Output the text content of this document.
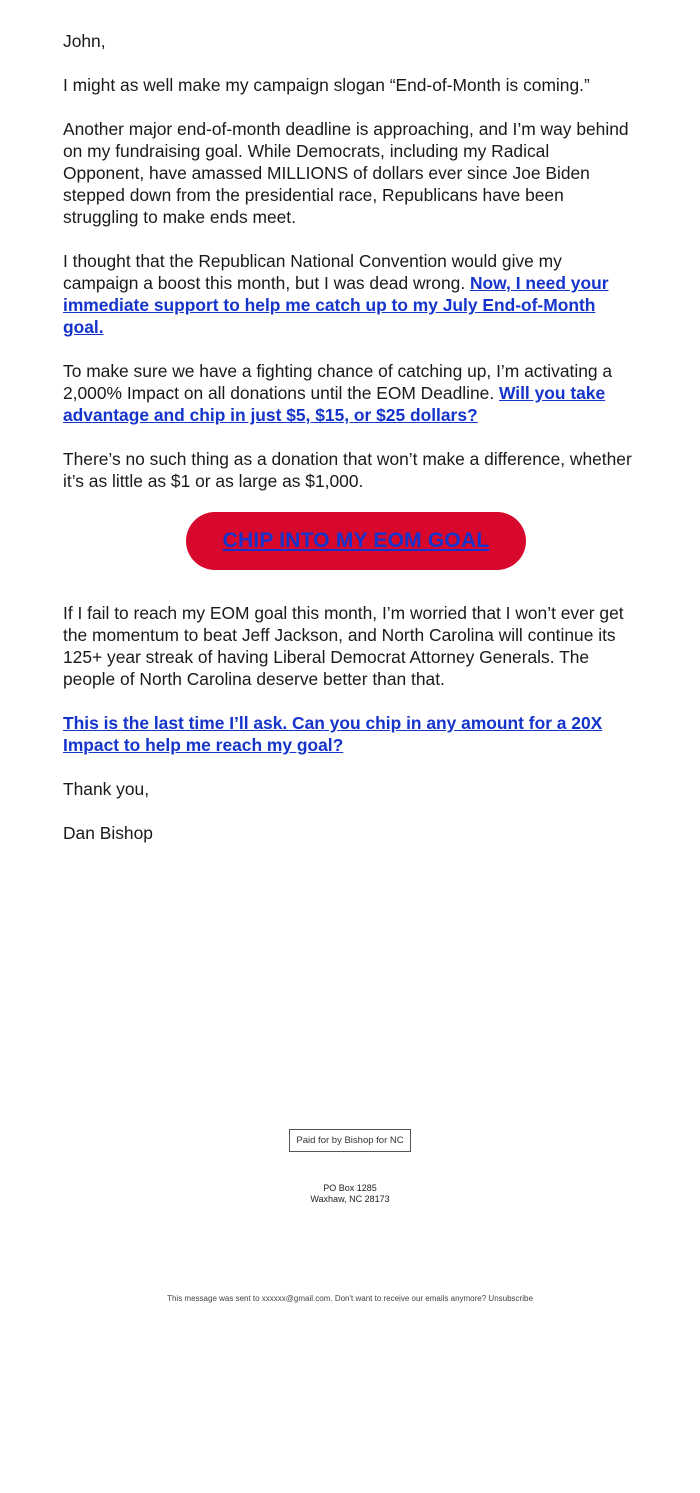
John,

I might as well make my campaign slogan “End-of-Month is coming.”

Another major end-of-month deadline is approaching, and I’m way behind on my fundraising goal. While Democrats, including my Radical Opponent, have amassed MILLIONS of dollars ever since Joe Biden stepped down from the presidential race, Republicans have been struggling to make ends meet.

I thought that the Republican National Convention would give my campaign a boost this month, but I was dead wrong. Now, I need your immediate support to help me catch up to my July End-of-Month goal.

To make sure we have a fighting chance of catching up, I’m activating a 2,000% Impact on all donations until the EOM Deadline. Will you take advantage and chip in just $5, $15, or $25 dollars?

There’s no such thing as a donation that won’t make a difference, whether it’s as little as $1 or as large as $1,000.

CHIP INTO MY EOM GOAL

If I fail to reach my EOM goal this month, I’m worried that I won’t ever get the momentum to beat Jeff Jackson, and North Carolina will continue its 125+ year streak of having Liberal Democrat Attorney Generals. The people of North Carolina deserve better than that.

This is the last time I’ll ask. Can you chip in any amount for a 20X Impact to help me reach my goal?

Thank you,

Dan Bishop

Paid for by Bishop for NC
PO Box 1285
Waxhaw, NC 28173
This message was sent to xxxxxx@gmail.com. Don't want to receive our emails anymore? Unsubscribe
